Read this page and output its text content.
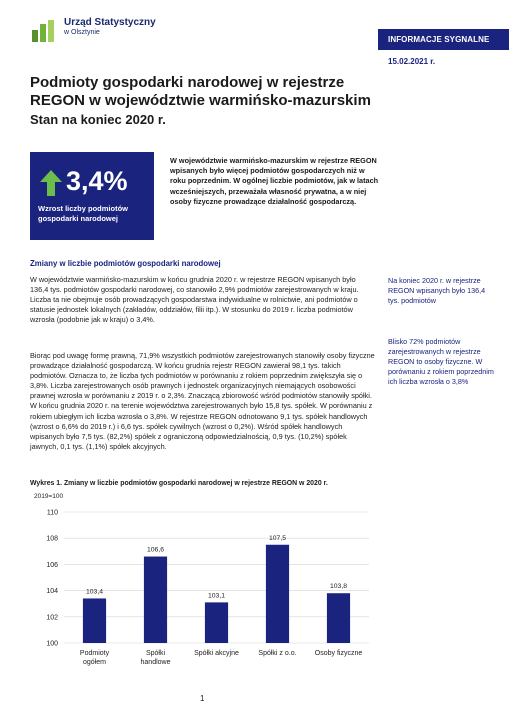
Urząd Statystyczny
w Olsztynie
INFORMACJE SYGNALNE
15.02.2021 r.
Podmioty gospodarki narodowej w rejestrze REGON w województwie warmińsko-mazurskim
Stan na koniec 2020 r.
3,4%
Wzrost liczby podmiotów gospodarki narodowej
W województwie warmińsko-mazurskim w rejestrze REGON wpisanych było więcej podmiotów gospodarczych niż w roku poprzednim. W ogólnej liczbie podmiotów, jak w latach wcześniejszych, przeważała własność prywatna, a w niej osoby fizyczne prowadzące działalność gospodarczą.
Zmiany w liczbie podmiotów gospodarki narodowej
W województwie warmińsko-mazurskim w końcu grudnia 2020 r. w rejestrze REGON wpisanych było 136,4 tys. podmiotów gospodarki narodowej, co stanowiło 2,9% podmiotów zarejestrowanych w kraju. Liczba ta nie obejmuje osób prowadzących gospodarstwa indywidualne w rolnictwie, ani podmiotów o statusie jednostek lokalnych (zakładów, oddziałów, filii itp.). W stosunku do 2019 r. liczba podmiotów wzrosła (podobnie jak w kraju) o 3,4%.
Biorąc pod uwagę formę prawną, 71,9% wszystkich podmiotów zarejestrowanych stanowiły osoby fizyczne prowadzące działalność gospodarczą. W końcu grudnia rejestr REGON zawierał 98,1 tys. takich podmiotów. Oznacza to, że liczba tych podmiotów w porównaniu z rokiem poprzednim zwiększyła się o 3,8%. Liczba zarejestrowanych osób prawnych i jednostek organizacyjnych niemających osobowości prawnej wzrosła w porównaniu z 2019 r. o 2,3%. Znaczącą zbiorowość wśród podmiotów stanowiły spółki. W końcu grudnia 2020 r. na terenie województwa zarejestrowanych było 15,8 tys. spółek. W porównaniu z rokiem ubiegłym ich liczba wzrosła o 3,8%. W rejestrze REGON odnotowano 9,1 tys. spółek handlowych (wzrost o 6,6% do 2019 r.) i 6,6 tys. spółek cywilnych (wzrost o 0,2%). Wśród spółek handlowych wpisanych było 7,5 tys. (82,2%) spółek z ograniczoną odpowiedzialnością, 0,9 tys. (10,2%) spółek jawnych, 0,1 tys. (1,1%) spółek akcyjnych.
Na koniec 2020 r. w rejestrze REGON wpisanych było 136,4 tys. podmiotów
Blisko 72% podmiotów zarejestrowanych w rejestrze REGON to osoby fizyczne. W porównaniu z rokiem poprzednim ich liczba wzrosła o 3,8%
Wykres 1. Zmiany w liczbie podmiotów gospodarki narodowej w rejestrze REGON w 2020 r.
2019=100
100
102
104
106
108
110
103,4
Podmioty ogółem
106,6
Spółki handlowe
103,1
Spółki akcyjne
107,5
Spółki z o.o.
103,8
Osoby fizyczne
1
